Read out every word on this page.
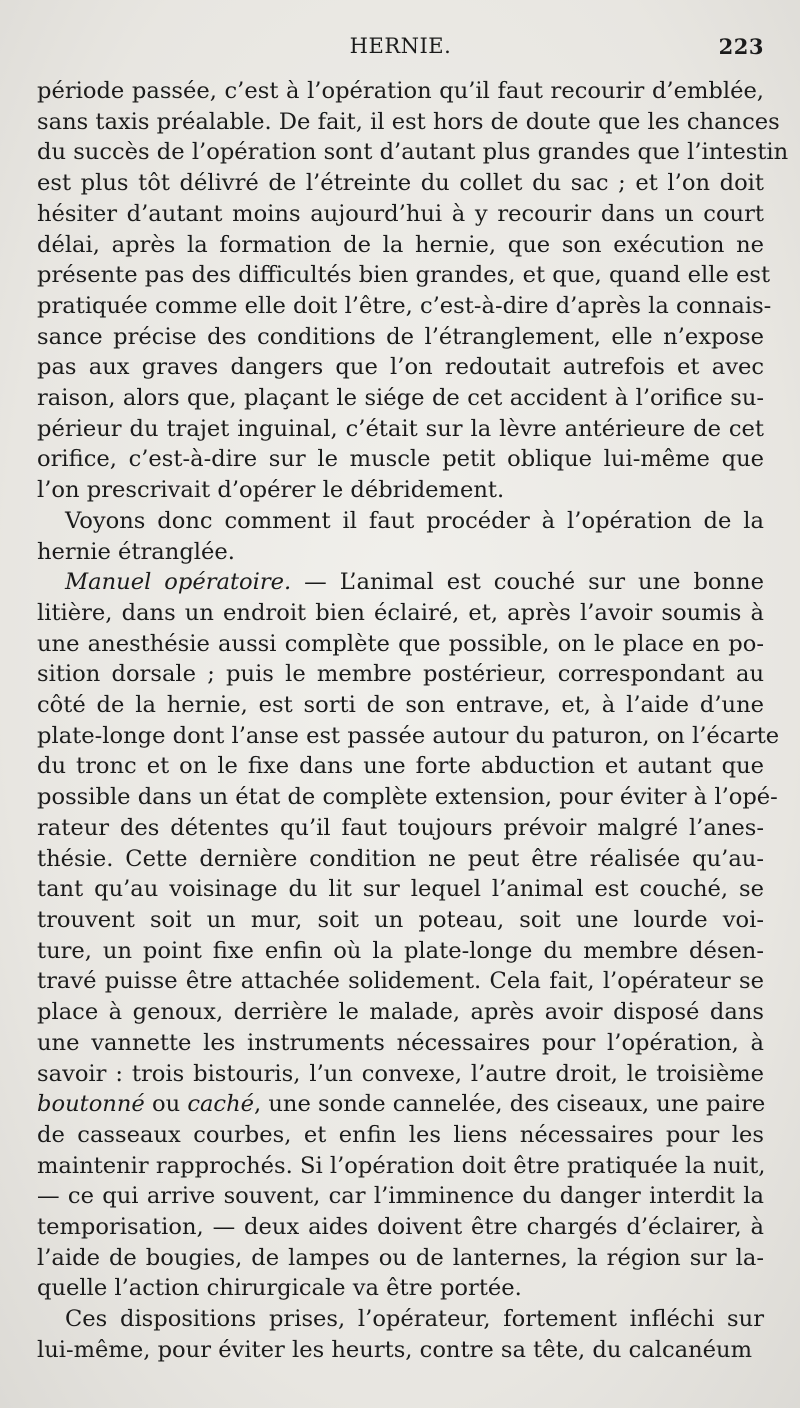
HERNIE.	223
période passée, c’est à l’opération qu’il faut recourir d’emblée,
sans taxis préalable. De fait, il est hors de doute que les chances
du succès de l’opération sont d’autant plus grandes que l’intestin
est plus tôt délivré de l’étreinte du collet du sac ; et l’on doit
hésiter d’autant moins aujourd’hui à y recourir dans un court
délai, après la formation de la hernie, que son exécution ne
présente pas des difficultés bien grandes, et que, quand elle est
pratiquée comme elle doit l’être, c’est-à-dire d’après la connais-
sance précise des conditions de l’étranglement, elle n’expose
pas aux graves dangers que l’on redoutait autrefois et avec
raison, alors que, plaçant le siége de cet accident à l’orifice su-
périeur du trajet inguinal, c’était sur la lèvre antérieure de cet
orifice, c’est-à-dire sur le muscle petit oblique lui-même que
l’on prescrivait d’opérer le débridement.
Voyons donc comment il faut procéder à l’opération de la
hernie étranglée.
Manuel opératoire. — L’animal est couché sur une bonne
litière, dans un endroit bien éclairé, et, après l’avoir soumis à
une anesthésie aussi complète que possible, on le place en po-
sition dorsale ; puis le membre postérieur, correspondant au
côté de la hernie, est sorti de son entrave, et, à l’aide d’une
plate-longe dont l’anse est passée autour du paturon, on l’écarte
du tronc et on le fixe dans une forte abduction et autant que
possible dans un état de complète extension, pour éviter à l’opé-
rateur des détentes qu’il faut toujours prévoir malgré l’anes-
thésie. Cette dernière condition ne peut être réalisée qu’au-
tant qu’au voisinage du lit sur lequel l’animal est couché, se
trouvent soit un mur, soit un poteau, soit une lourde voi-
ture, un point fixe enfin où la plate-longe du membre désen-
travé puisse être attachée solidement. Cela fait, l’opérateur se
place à genoux, derrière le malade, après avoir disposé dans
une vannette les instruments nécessaires pour l’opération, à
savoir : trois bistouris, l’un convexe, l’autre droit, le troisième
boutonné ou caché, une sonde cannelée, des ciseaux, une paire
de casseaux courbes, et enfin les liens nécessaires pour les
maintenir rapprochés. Si l’opération doit être pratiquée la nuit,
— ce qui arrive souvent, car l’imminence du danger interdit la
temporisation, — deux aides doivent être chargés d’éclairer, à
l’aide de bougies, de lampes ou de lanternes, la région sur la-
quelle l’action chirurgicale va être portée.
Ces dispositions prises, l’opérateur, fortement infléchi sur
lui-même, pour éviter les heurts, contre sa tête, du calcanéum
